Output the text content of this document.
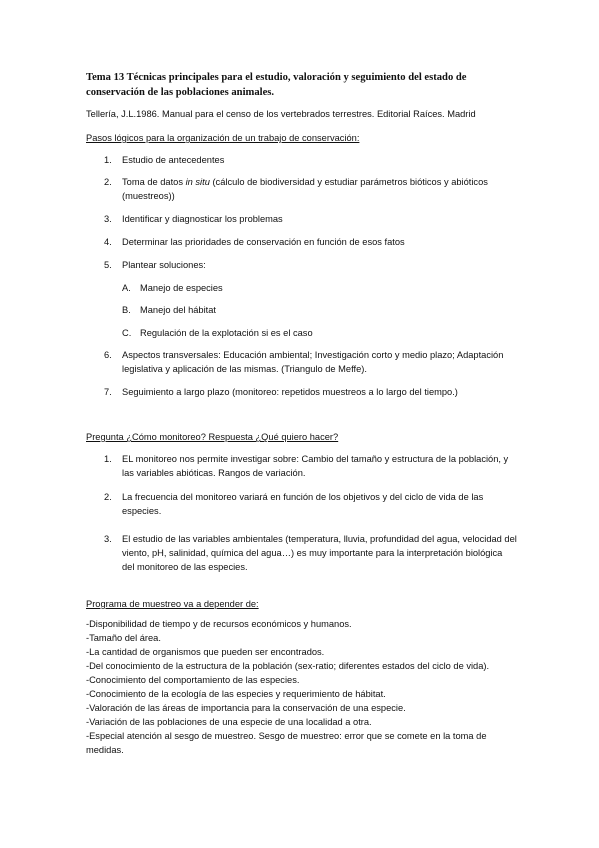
Tema 13 Técnicas principales para el estudio, valoración y seguimiento del estado de conservación de las poblaciones animales.
Tellería, J.L.1986. Manual para el censo de los vertebrados terrestres. Editorial Raíces. Madrid
Pasos lógicos para la organización de un trabajo de conservación:
1. Estudio de antecedentes
2. Toma de datos in situ (cálculo de biodiversidad y estudiar parámetros bióticos y abióticos (muestreos))
3. Identificar y diagnosticar los problemas
4. Determinar las prioridades de conservación en función de esos fatos
5. Plantear soluciones:
A. Manejo de especies
B. Manejo del hábitat
C. Regulación de la explotación si es el caso
6. Aspectos transversales: Educación ambiental; Investigación corto y medio plazo; Adaptación legislativa y aplicación de las mismas. (Triangulo de Meffe).
7. Seguimiento a largo plazo (monitoreo: repetidos muestreos a lo largo del tiempo.)
Pregunta ¿Cómo monitoreo? Respuesta ¿Qué quiero hacer?
1. EL monitoreo nos permite investigar sobre: Cambio del tamaño y estructura de la población, y las variables abióticas. Rangos de variación.
2. La frecuencia del monitoreo variará en función de los objetivos y del ciclo de vida de las especies.
3. El estudio de las variables ambientales (temperatura, lluvia, profundidad del agua, velocidad del viento, pH, salinidad, química del agua…) es muy importante para la interpretación biológica del monitoreo de las especies.
Programa de muestreo va a depender de:
-Disponibilidad de tiempo y de recursos económicos y humanos.
-Tamaño del área.
-La cantidad de organismos que pueden ser encontrados.
-Del conocimiento de la estructura de la población (sex-ratio; diferentes estados del ciclo de vida).
-Conocimiento del comportamiento de las especies.
-Conocimiento de la ecología de las especies y requerimiento de hábitat.
-Valoración de las áreas de importancia para la conservación de una especie.
-Variación de las poblaciones de una especie de una localidad a otra.
-Especial atención al sesgo de muestreo. Sesgo de muestreo: error que se comete en la toma de medidas.
